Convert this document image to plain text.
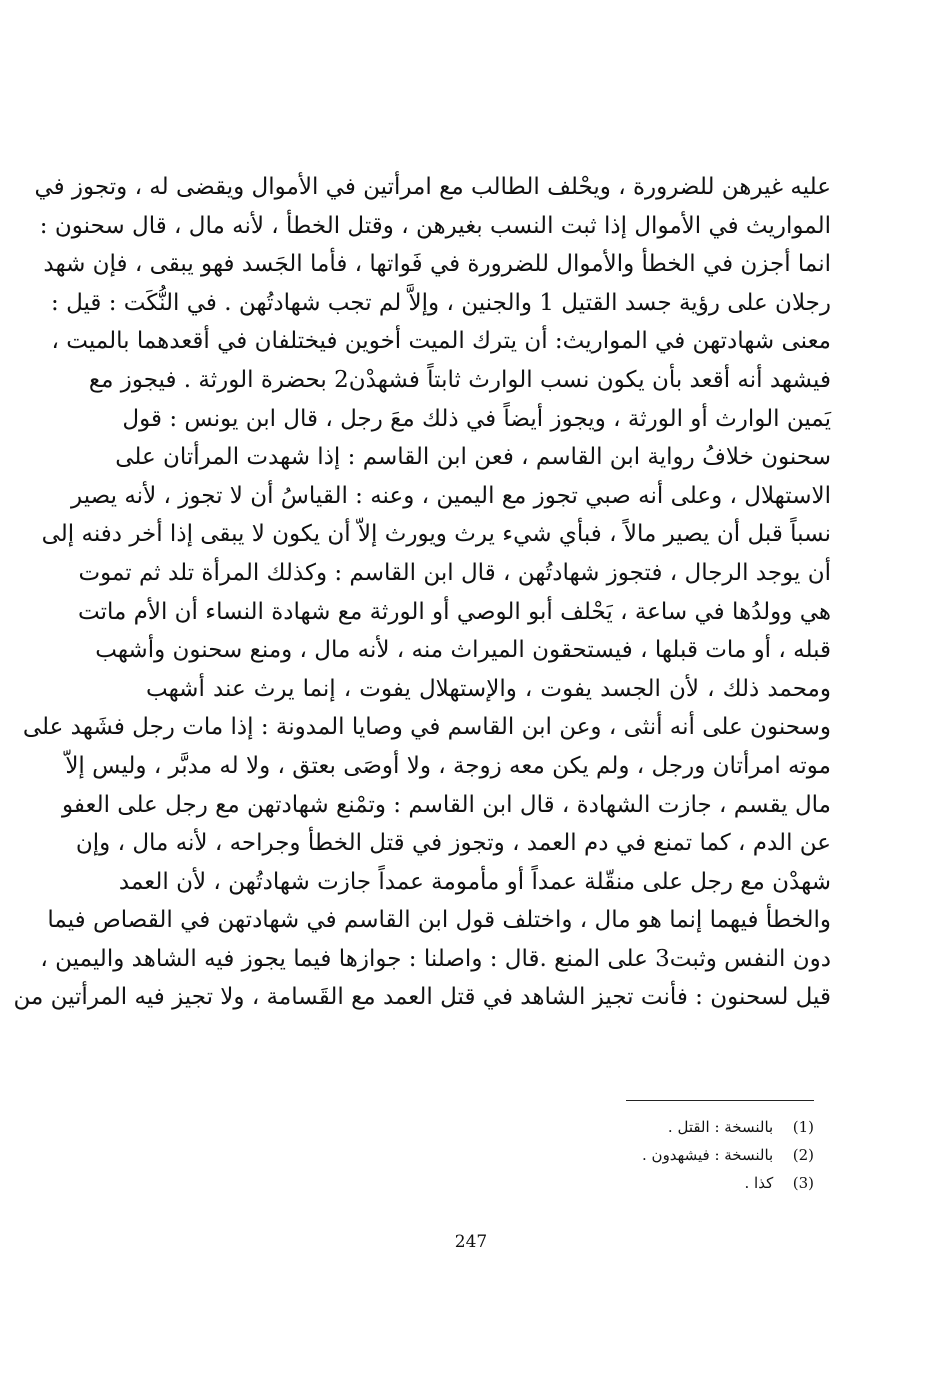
عليه غيرهن للضرورة ، ويحْلف الطالب مع امرأتين في الأموال ويقضى له ، وتجوز في
المواريث في الأموال إذا ثبت النسب بغيرهن ، وقتل الخطأ ، لأنه مال ، قال سحنون :
انما أجزن في الخطأ والأموال للضرورة في فَواتها ، فأما الجَسد فهو يبقى ، فإن شهد
رجلان على رؤية جسد القتيل 1 والجنين ، وإلاَّ لم تجب شهادتُهن . في النُّكَت : قيل :
معنى شهادتهن في المواريث: أن يترك الميت أخوين فيختلفان في أقعدهما بالميت ،
فيشهد أنه أقعد بأن يكون نسب الوارث ثابتاً فشهدْن2 بحضرة الورثة . فيجوز مع
يَمين الوارث أو الورثة ، ويجوز أيضاً في ذلك معَ رجل ، قال ابن يونس : قول
سحنون خلافُ رواية ابن القاسم ، فعن ابن القاسم : إذا شهدت المرأتان على
الاستهلال ، وعلى أنه صبي تجوز مع اليمين ، وعنه : القياسُ أن لا تجوز ، لأنه يصير
نسباً قبل أن يصير مالاً ، فبأي شيء يرث ويورث إلاّ أن يكون لا يبقى إذا أخر دفنه إلى
أن يوجد الرجال ، فتجوز شهادتُهن ، قال ابن القاسم : وكذلك المرأة تلد ثم تموت
هي وولدُها في ساعة ، يَحْلف أبو الوصي أو الورثة مع شهادة النساء أن الأم ماتت
قبله ، أو مات قبلها ، فيستحقون الميراث منه ، لأنه مال ، ومنع سحنون وأشهب
ومحمد ذلك ، لأن الجسد يفوت ، والإستهلال يفوت ، إنما يرث عند أشهب
وسحنون على أنه أنثى ، وعن ابن القاسم في وصايا المدونة : إذا مات رجل فشَهد على
موته امرأتان ورجل ، ولم يكن معه زوجة ، ولا أوصَى بعتق ، ولا له مدبَّر ، وليس إلاّ
مال يقسم ، جازت الشهادة ، قال ابن القاسم : وتمْنع شهادتهن مع رجل على العفو
عن الدم ، كما تمنع في دم العمد ، وتجوز في قتل الخطأ وجراحه ، لأنه مال ، وإن
شهدْن مع رجل على منقّلة عمداً أو مأمومة عمداً جازت شهادتُهن ، لأن العمد
والخطأ فيهما إنما هو مال ، واختلف قول ابن القاسم في شهادتهن في القصاص فيما
دون النفس وثبت3 على المنع .قال : واصلنا : جوازها فيما يجوز فيه الشاهد واليمين ،
قيل لسحنون : فأنت تجيز الشاهد في قتل العمد مع القَسامة ، ولا تجيز فيه المرأتين من
(1) بالنسخة : القتل .
(2) بالنسخة : فيشهدون .
(3) كذا .
247
